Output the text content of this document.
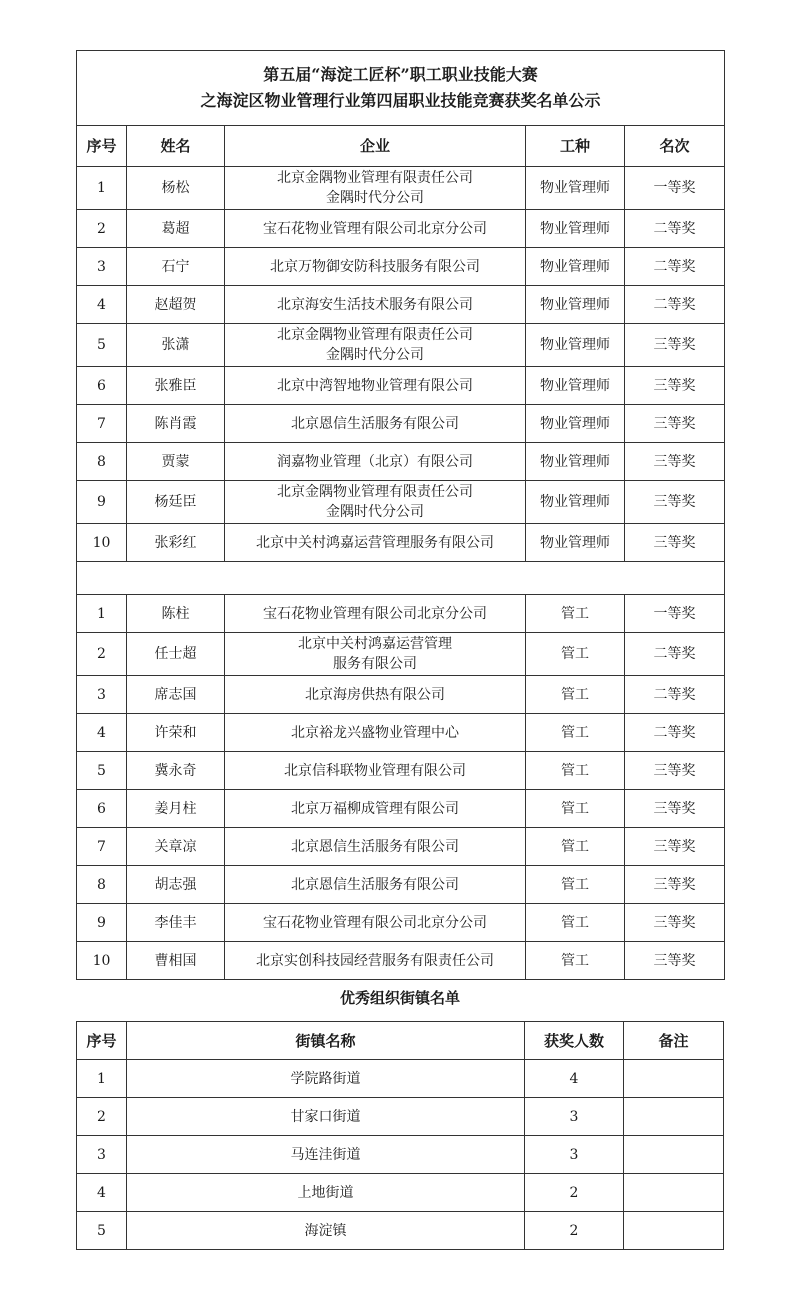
第五届“海淀工匠杯”职工职业技能大赛
之海淀区物业管理行业第四届职业技能竞赛获奖名单公示				

序号	姓名	企业	工种	名次
1	杨松	北京金隅物业管理有限责任公司
金隅时代分公司	物业管理师	一等奖
2	葛超	宝石花物业管理有限公司北京分公司	物业管理师	二等奖
3	石宁	北京万物御安防科技服务有限公司	物业管理师	二等奖
4	赵超贺	北京海安生活技术服务有限公司	物业管理师	二等奖
5	张潇	北京金隅物业管理有限责任公司
金隅时代分公司	物业管理师	三等奖
6	张雅臣	北京中湾智地物业管理有限公司	物业管理师	三等奖
7	陈肖霞	北京恩信生活服务有限公司	物业管理师	三等奖
8	贾蒙	润嘉物业管理（北京）有限公司	物业管理师	三等奖
9	杨廷臣	北京金隅物业管理有限责任公司
金隅时代分公司	物业管理师	三等奖
10	张彩红	北京中关村鸿嘉运营管理服务有限公司	物业管理师	三等奖

1	陈柱	宝石花物业管理有限公司北京分公司	管工	一等奖
2	任士超	北京中关村鸿嘉运营管理
服务有限公司	管工	二等奖
3	席志国	北京海房供热有限公司	管工	二等奖
4	许荣和	北京裕龙兴盛物业管理中心	管工	二等奖
5	冀永奇	北京信科联物业管理有限公司	管工	三等奖
6	姜月柱	北京万福柳成管理有限公司	管工	三等奖
7	关章凉	北京恩信生活服务有限公司	管工	三等奖
8	胡志强	北京恩信生活服务有限公司	管工	三等奖
9	李佳丰	宝石花物业管理有限公司北京分公司	管工	三等奖
10	曹相国	北京实创科技园经营服务有限责任公司	管工	三等奖
优秀组织街镇名单
序号	街镇名称	获奖人数	备注
1	学院路街道	4	
2	甘家口街道	3	
3	马连洼街道	3	
4	上地街道	2	
5	海淀镇	2	
